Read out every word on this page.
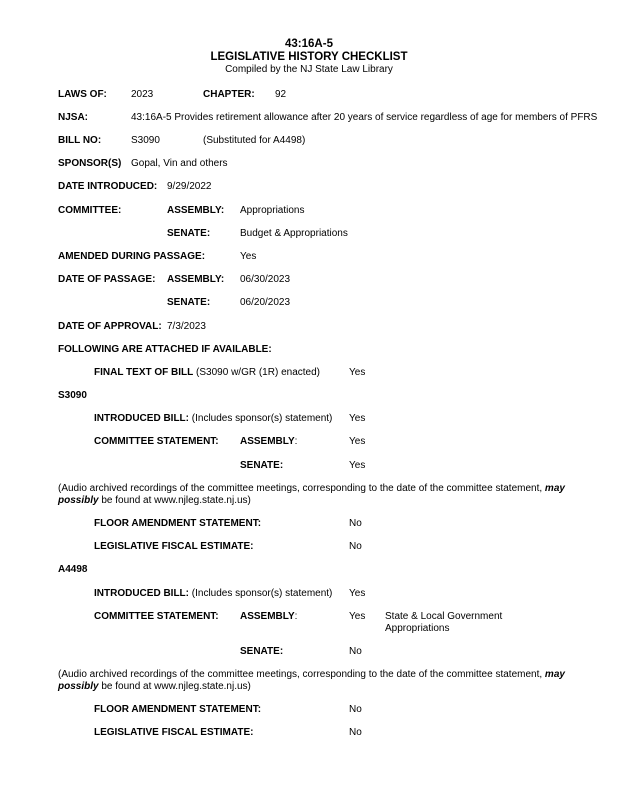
43:16A-5
LEGISLATIVE HISTORY CHECKLIST
Compiled by the NJ State Law Library
LAWS OF: 2023	CHAPTER: 92
NJSA:	43:16A-5 Provides retirement allowance after 20 years of service regardless of age for members of PFRS
BILL NO:	S3090	(Substituted for A4498)
SPONSOR(S) Gopal, Vin and others
DATE INTRODUCED: 9/29/2022
COMMITTEE:	ASSEMBLY: Appropriations
SENATE:	Budget & Appropriations
AMENDED DURING PASSAGE:	Yes
DATE OF PASSAGE: ASSEMBLY: 06/30/2023
SENATE:	06/20/2023
DATE OF APPROVAL: 7/3/2023
FOLLOWING ARE ATTACHED IF AVAILABLE:
FINAL TEXT OF BILL (S3090 w/GR (1R) enacted)	Yes
S3090
INTRODUCED BILL: (Includes sponsor(s) statement) Yes
COMMITTEE STATEMENT: ASSEMBLY:	Yes
SENATE:	Yes
(Audio archived recordings of the committee meetings, corresponding to the date of the committee statement, may possibly be found at www.njleg.state.nj.us)
FLOOR AMENDMENT STATEMENT:	No
LEGISLATIVE FISCAL ESTIMATE:	No
A4498
INTRODUCED BILL: (Includes sponsor(s) statement) Yes
COMMITTEE STATEMENT: ASSEMBLY:	Yes State & Local Government
Appropriations
SENATE:	No
(Audio archived recordings of the committee meetings, corresponding to the date of the committee statement, may possibly be found at www.njleg.state.nj.us)
FLOOR AMENDMENT STATEMENT:	No
LEGISLATIVE FISCAL ESTIMATE:	No
